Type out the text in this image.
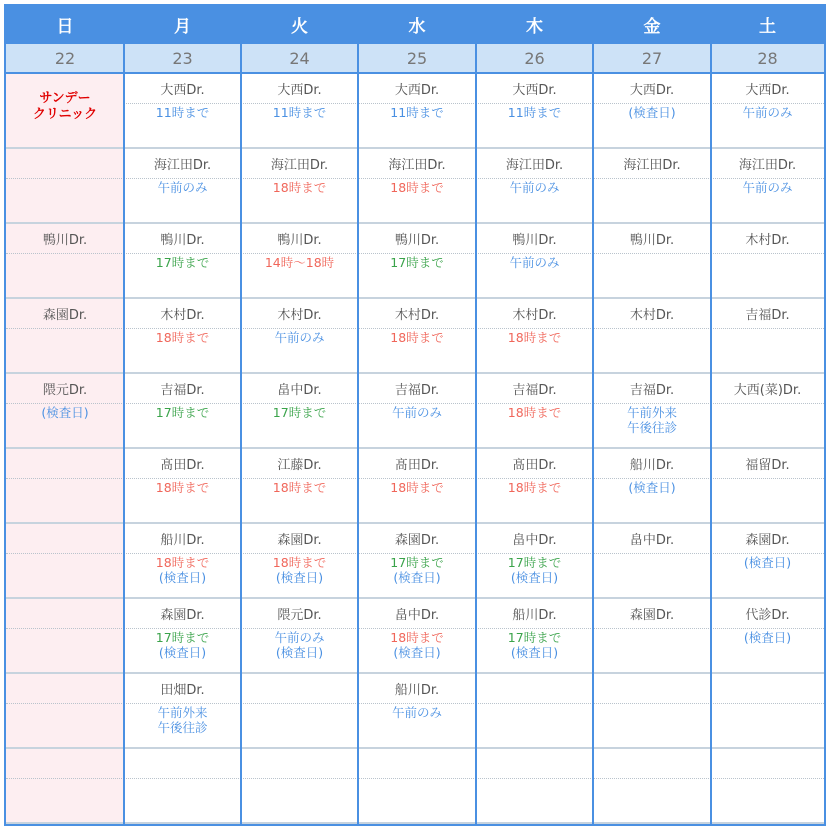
日
22
サンデー
クリニック
鴨川Dr.
森園Dr.
隈元Dr.
(検査日)
月
23
大西Dr.
11時まで
海江田Dr.
午前のみ
鴨川Dr.
17時まで
木村Dr.
18時まで
吉福Dr.
17時まで
髙田Dr.
18時まで
船川Dr.
18時まで
(検査日)
森園Dr.
17時まで
(検査日)
田畑Dr.
午前外来
午後往診
火
24
大西Dr.
11時まで
海江田Dr.
18時まで
鴨川Dr.
14時〜18時
木村Dr.
午前のみ
畠中Dr.
17時まで
江藤Dr.
18時まで
森園Dr.
18時まで
(検査日)
隈元Dr.
午前のみ
(検査日)
水
25
大西Dr.
11時まで
海江田Dr.
18時まで
鴨川Dr.
17時まで
木村Dr.
18時まで
吉福Dr.
午前のみ
髙田Dr.
18時まで
森園Dr.
17時まで
(検査日)
畠中Dr.
18時まで
(検査日)
船川Dr.
午前のみ
木
26
大西Dr.
11時まで
海江田Dr.
午前のみ
鴨川Dr.
午前のみ
木村Dr.
18時まで
吉福Dr.
18時まで
髙田Dr.
18時まで
畠中Dr.
17時まで
(検査日)
船川Dr.
17時まで
(検査日)
金
27
大西Dr.
(検査日)
海江田Dr.
鴨川Dr.
木村Dr.
吉福Dr.
午前外来
午後往診
船川Dr.
(検査日)
畠中Dr.
森園Dr.
土
28
大西Dr.
午前のみ
海江田Dr.
午前のみ
木村Dr.
吉福Dr.
大西(菜)Dr.
福留Dr.
森園Dr.
(検査日)
代診Dr.
(検査日)
